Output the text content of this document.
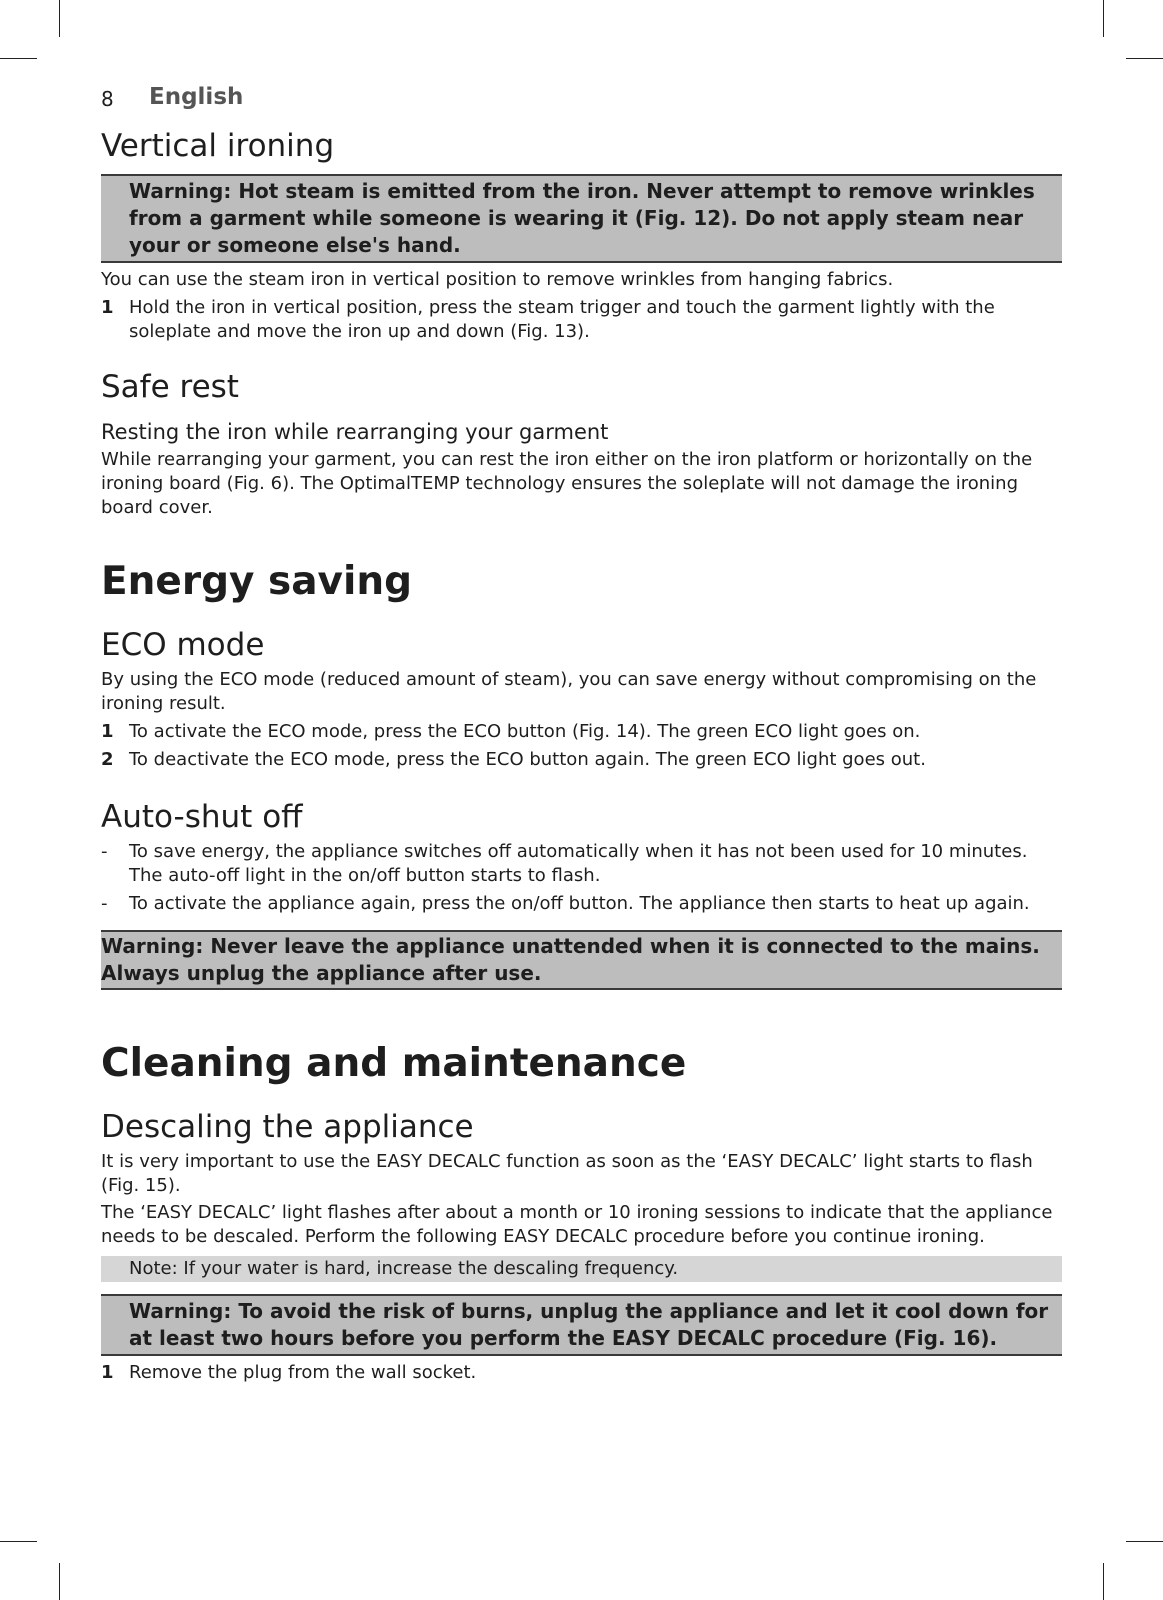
8 English
Vertical ironing
Warning: Hot steam is emitted from the iron. Never attempt to remove wrinkles from a garment while someone is wearing it (Fig. 12). Do not apply steam near your or someone else's hand.

You can use the steam iron in vertical position to remove wrinkles from hanging fabrics.

1 Hold the iron in vertical position, press the steam trigger and touch the garment lightly with the soleplate and move the iron up and down (Fig. 13).
Safe rest
Resting the iron while rearranging your garment

While rearranging your garment, you can rest the iron either on the iron platform or horizontally on the ironing board (Fig. 6). The OptimalTEMP technology ensures the soleplate will not damage the ironing board cover.

Energy saving
ECO mode

By using the ECO mode (reduced amount of steam), you can save energy without compromising on the ironing result.

1 To activate the ECO mode, press the ECO button (Fig. 14). The green ECO light goes on.
2 To deactivate the ECO mode, press the ECO button again. The green ECO light goes out.
Auto-shut off
- To save energy, the appliance switches off automatically when it has not been used for 10 minutes. The auto-off light in the on/off button starts to flash.
- To activate the appliance again, press the on/off button. The appliance then starts to heat up again.
Warning: Never leave the appliance unattended when it is connected to the mains. Always unplug the appliance after use.
Cleaning and maintenance
Descaling the appliance

It is very important to use the EASY DECALC function as soon as the ‘EASY DECALC’ light starts to flash (Fig. 15).

The ‘EASY DECALC’ light flashes after about a month or 10 ironing sessions to indicate that the appliance needs to be descaled. Perform the following EASY DECALC procedure before you continue ironing.

Note: If your water is hard, increase the descaling frequency.
Warning: To avoid the risk of burns, unplug the appliance and let it cool down for at least two hours before you perform the EASY DECALC procedure (Fig. 16).
1 Remove the plug from the wall socket.
